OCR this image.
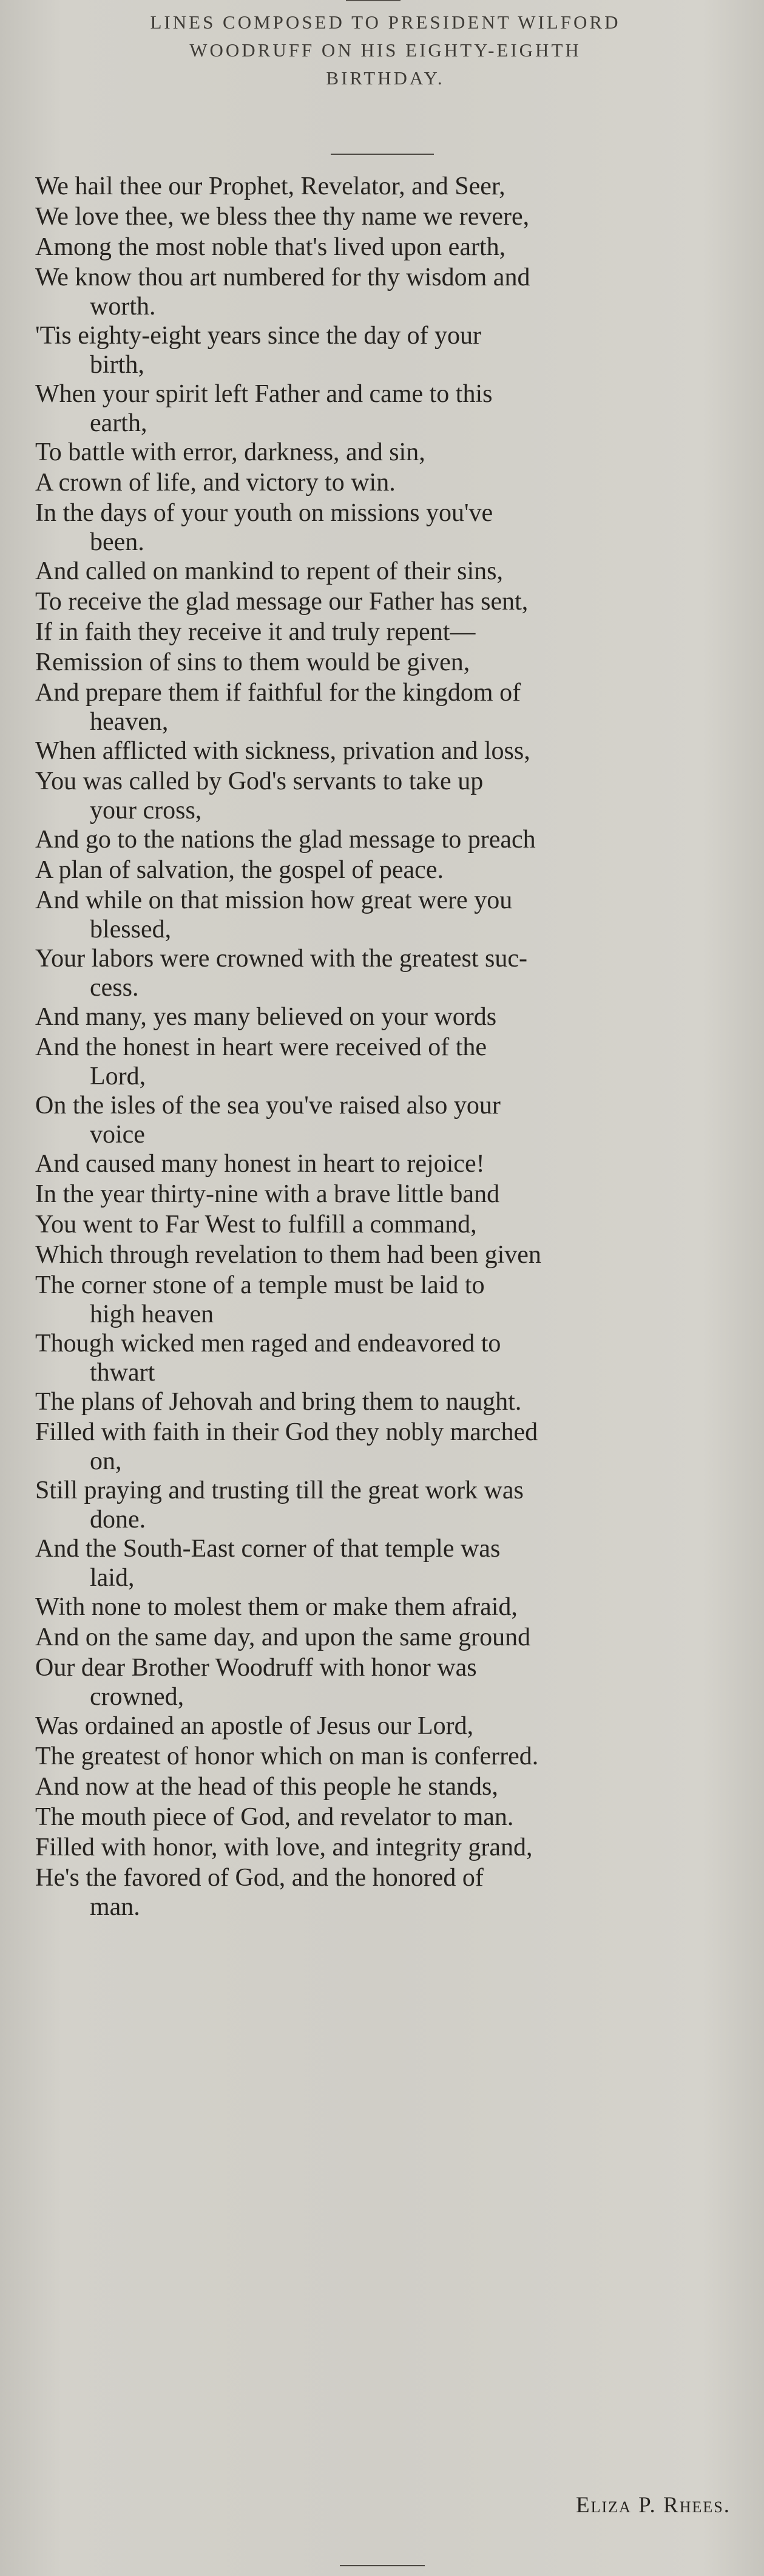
LINES COMPOSED TO PRESIDENT WILFORD
WOODRUFF ON HIS EIGHTY-EIGHTH
BIRTHDAY.
We hail thee our Prophet, Revelator, and Seer,
We love thee, we bless thee thy name we revere,
Among the most noble that's lived upon earth,
We know thou art numbered for thy wisdom and
worth.
'Tis eighty-eight years since the day of your
birth,
When your spirit left Father and came to this
earth,
To battle with error, darkness, and sin,
A crown of life, and victory to win.
In the days of your youth on missions you've
been.
And called on mankind to repent of their sins,
To receive the glad message our Father has sent,
If in faith they receive it and truly repent—
Remission of sins to them would be given,
And prepare them if faithful for the kingdom of
heaven,
When afflicted with sickness, privation and loss,
You was called by God's servants to take up
your cross,
And go to the nations the glad message to preach
A plan of salvation, the gospel of peace.
And while on that mission how great were you
blessed,
Your labors were crowned with the greatest suc-
cess.
And many, yes many believed on your words
And the honest in heart were received of the
Lord,
On the isles of the sea you've raised also your
voice
And caused many honest in heart to rejoice!
In the year thirty-nine with a brave little band
You went to Far West to fulfill a command,
Which through revelation to them had been given
The corner stone of a temple must be laid to
high heaven
Though wicked men raged and endeavored to
thwart
The plans of Jehovah and bring them to naught.
Filled with faith in their God they nobly marched
on,
Still praying and trusting till the great work was
done.
And the South-East corner of that temple was
laid,
With none to molest them or make them afraid,
And on the same day, and upon the same ground
Our dear Brother Woodruff with honor was
crowned,
Was ordained an apostle of Jesus our Lord,
The greatest of honor which on man is conferred.
And now at the head of this people he stands,
The mouth piece of God, and revelator to man.
Filled with honor, with love, and integrity grand,
He's the favored of God, and the honored of
man.
Eliza P. Rhees.
